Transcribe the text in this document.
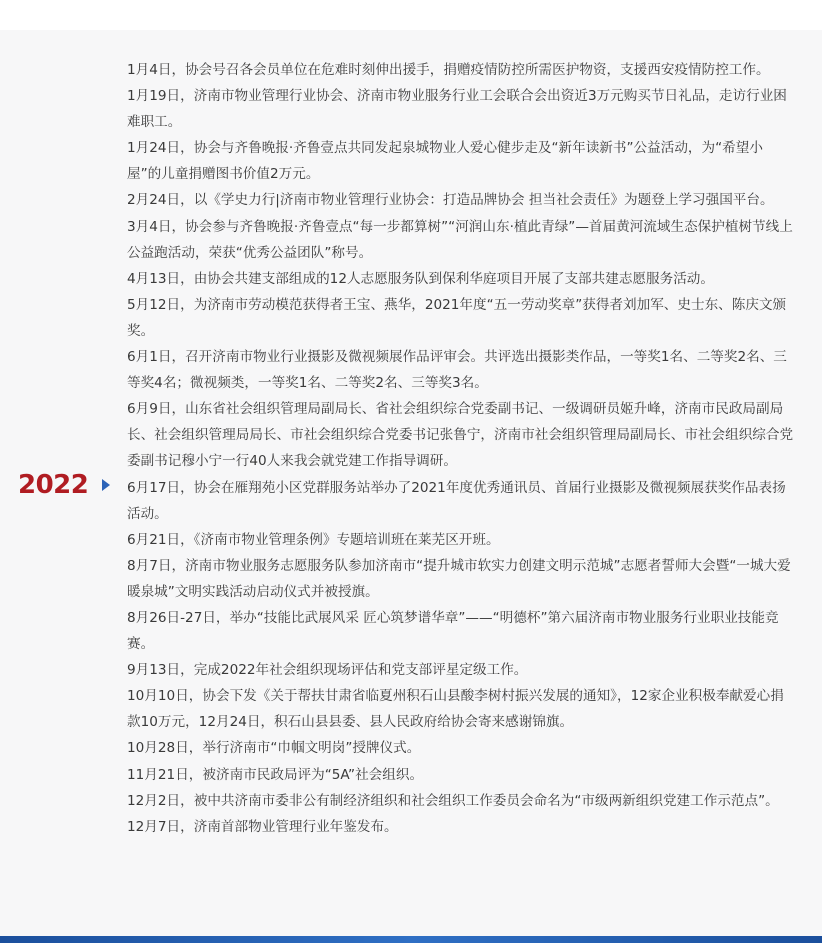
2022
1月4日，协会号召各会员单位在危难时刻伸出援手，捐赠疫情防控所需医护物资，支援西安疫情防控工作。
1月19日，济南市物业管理行业协会、济南市物业服务行业工会联合会出资近3万元购买节日礼品，走访行业困难职工。
1月24日，协会与齐鲁晚报·齐鲁壹点共同发起泉城物业人爱心健步走及“新年读新书”公益活动，为“希望小屋”的儿童捐赠图书价值2万元。
2月24日，以《学史力行|济南市物业管理行业协会：打造品牌协会 担当社会责任》为题登上学习强国平台。
3月4日，协会参与齐鲁晚报·齐鲁壹点“每一步都算树”“河润山东·植此青绿”—首届黄河流域生态保护植树节线上公益跑活动，荣获“优秀公益团队”称号。
4月13日，由协会共建支部组成的12人志愿服务队到保利华庭项目开展了支部共建志愿服务活动。
5月12日，为济南市劳动模范获得者王宝、燕华，2021年度“五一劳动奖章”获得者刘加军、史士东、陈庆文颁奖。
6月1日，召开济南市物业行业摄影及微视频展作品评审会。共评选出摄影类作品，一等奖1名、二等奖2名、三等奖4名；微视频类，一等奖1名、二等奖2名、三等奖3名。
6月9日，山东省社会组织管理局副局长、省社会组织综合党委副书记、一级调研员姬升峰，济南市民政局副局长、社会组织管理局局长、市社会组织综合党委书记张鲁宁，济南市社会组织管理局副局长、市社会组织综合党委副书记穆小宁一行40人来我会就党建工作指导调研。
6月17日，协会在雁翔苑小区党群服务站举办了2021年度优秀通讯员、首届行业摄影及微视频展获奖作品表扬活动。
6月21日，《济南市物业管理条例》专题培训班在莱芜区开班。
8月7日，济南市物业服务志愿服务队参加济南市“提升城市软实力创建文明示范城”志愿者誓师大会暨“一城大爱暖泉城”文明实践活动启动仪式并被授旗。
8月26日-27日，举办“技能比武展风采 匠心筑梦谱华章”——“明德杯”第六届济南市物业服务行业职业技能竞赛。
9月13日，完成2022年社会组织现场评估和党支部评星定级工作。
10月10日，协会下发《关于帮扶甘肃省临夏州积石山县酸李树村振兴发展的通知》，12家企业积极奉献爱心捐款10万元，12月24日，积石山县县委、县人民政府给协会寄来感谢锦旗。
10月28日，举行济南市“巾帼文明岗”授牌仪式。
11月21日，被济南市民政局评为“5A”社会组织。
12月2日，被中共济南市委非公有制经济组织和社会组织工作委员会命名为“市级两新组织党建工作示范点”。
12月7日，济南首部物业管理行业年鉴发布。
